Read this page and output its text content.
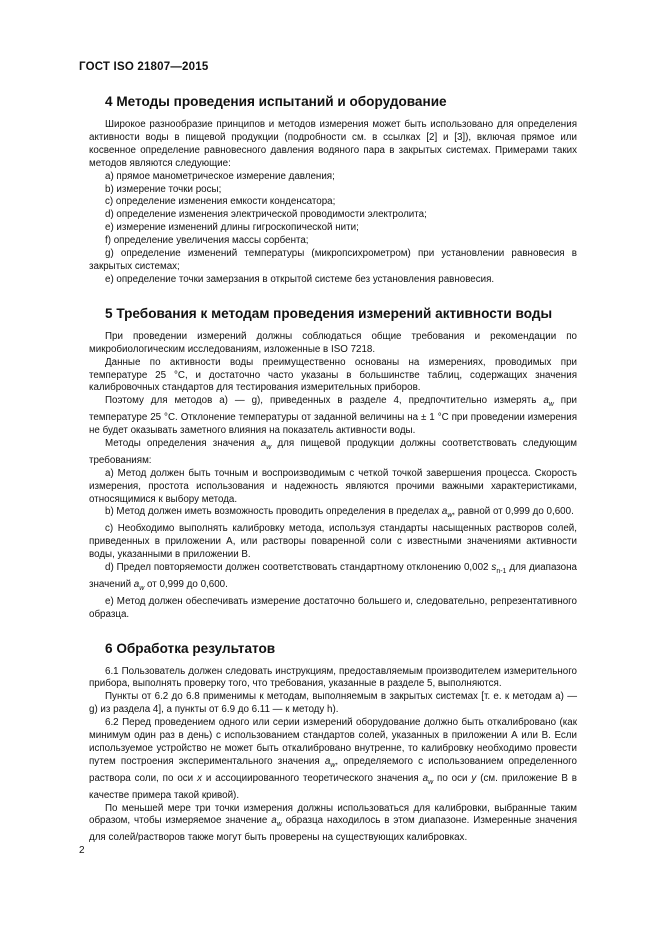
ГОСТ ISO 21807—2015
4 Методы проведения испытаний и оборудование

Широкое разнообразие принципов и методов измерения может быть использовано для определения активности воды в пищевой продукции (подробности см. в ссылках [2] и [3]), включая прямое или косвенное определение равновесного давления водяного пара в закрытых системах. Примерами таких методов являются следующие:

a) прямое манометрическое измерение давления;

b) измерение точки росы;

c) определение изменения емкости конденсатора;

d) определение изменения электрической проводимости электролита;

e) измерение изменений длины гигроскопической нити;

f) определение увеличения массы сорбента;

g) определение изменений температуры (микропсихрометром) при установлении равновесия в закрытых системах;

е) определение точки замерзания в открытой системе без установления равновесия.

5 Требования к методам проведения измерений активности воды

При проведении измерений должны соблюдаться общие требования и рекомендации по микробиологическим исследованиям, изложенные в ISO 7218.

Данные по активности воды преимущественно основаны на измерениях, проводимых при температуре 25 °С, и достаточно часто указаны в большинстве таблиц, содержащих значения калибровочных стандартов для тестирования измерительных приборов.

Поэтому для методов а) — g), приведенных в разделе 4, предпочтительно измерять $a_w$ при температуре 25 °С. Отклонение температуры от заданной величины на ± 1 °С при проведении измерения не будет оказывать заметного влияния на показатель активности воды.

Методы определения значения $a_w$ для пищевой продукции должны соответствовать следующим требованиям:

a) Метод должен быть точным и воспроизводимым с четкой точкой завершения процесса. Скорость измерения, простота использования и надежность являются прочими важными характеристиками, относящимися к выбору метода.

b) Метод должен иметь возможность проводить определения в пределах $a_w$, равной от 0,999 до 0,600.

c) Необходимо выполнять калибровку метода, используя стандарты насыщенных растворов солей, приведенных в приложении А, или растворы поваренной соли с известными значениями активности воды, указанными в приложении В.

d) Предел повторяемости должен соответствовать стандартному отклонению 0,002 $s_{n-1}$ для диапазона значений $a_w$ от 0,999 до 0,600.

e) Метод должен обеспечивать измерение достаточно большего и, следовательно, репрезентативного образца.

6 Обработка результатов

6.1 Пользователь должен следовать инструкциям, предоставляемым производителем измерительного прибора, выполнять проверку того, что требования, указанные в разделе 5, выполняются.

Пункты от 6.2 до 6.8 применимы к методам, выполняемым в закрытых системах [т. е. к методам а) — g) из раздела 4], а пункты от 6.9 до 6.11 — к методу h).

6.2 Перед проведением одного или серии измерений оборудование должно быть откалибровано (как минимум один раз в день) с использованием стандартов солей, указанных в приложении А или В. Если используемое устройство не может быть откалибровано внутренне, то калибровку необходимо провести путем построения экспериментального значения $a_w$, определяемого с использованием определенного раствора соли, по оси x и ассоциированного теоретического значения $a_w$ по оси y (см. приложение В в качестве примера такой кривой).

По меньшей мере три точки измерения должны использоваться для калибровки, выбранные таким образом, чтобы измеряемое значение $a_w$ образца находилось в этом диапазоне. Измеренные значения для солей/растворов также могут быть проверены на существующих калибровках.

2
